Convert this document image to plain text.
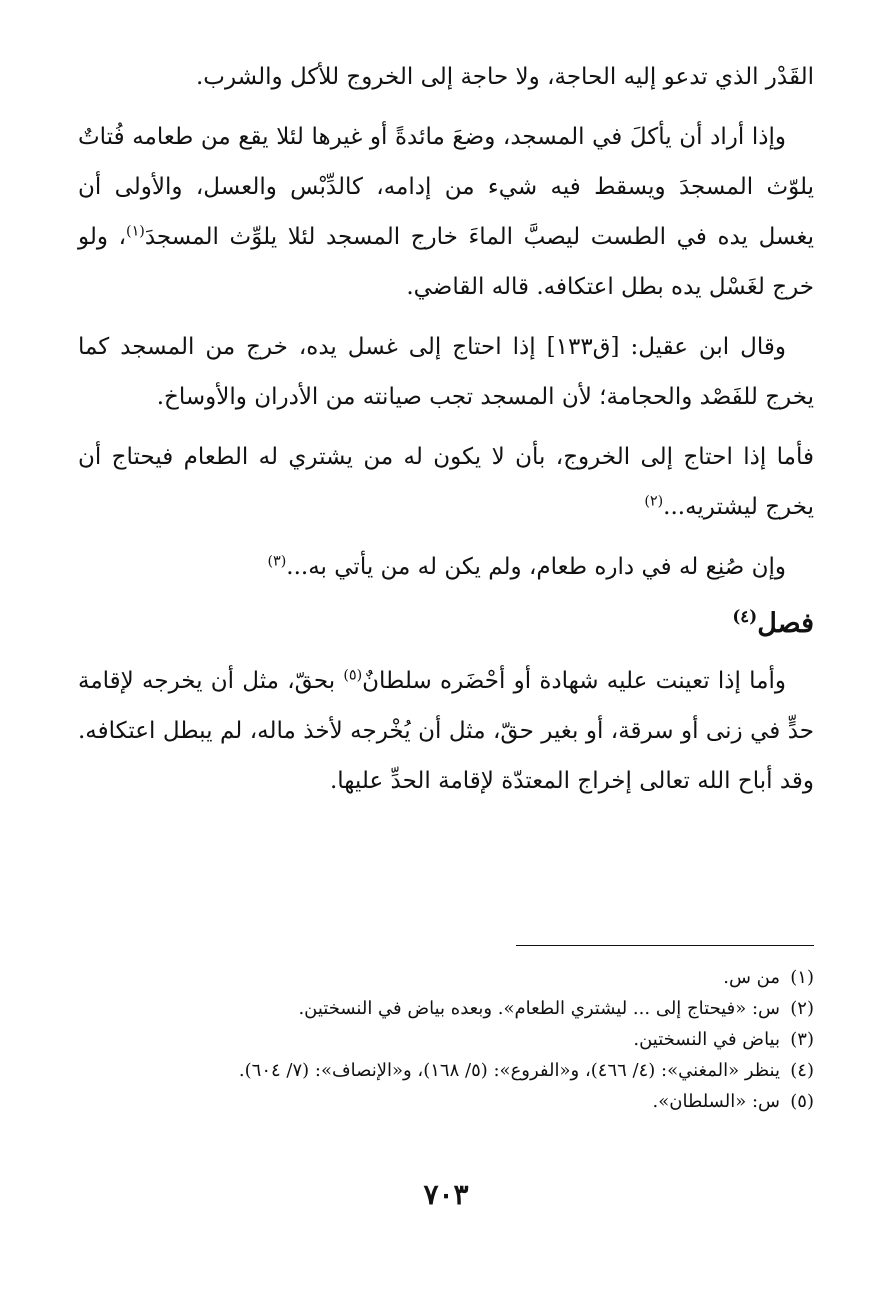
القَدْر الذي تدعو إليه الحاجة، ولا حاجة إلى الخروج للأكل والشرب.

وإذا أراد أن يأكلَ في المسجد، وضعَ مائدةً أو غيرها لئلا يقع من طعامه فُتاتٌ يلوّث المسجدَ ويسقط فيه شيء من إدامه، كالدِّبْس والعسل، والأولى أن يغسل يده في الطست ليصبَّ الماءَ خارج المسجد لئلا يلوِّث المسجدَ$^{(١)}$، ولو خرج لغَسْل يده بطل اعتكافه. قاله القاضي.

وقال ابن عقيل: [ق١٣٣] إذا احتاج إلى غسل يده، خرج من المسجد كما يخرج للفَصْد والحجامة؛ لأن المسجد تجب صيانته من الأدران والأوساخ.

فأما إذا احتاج إلى الخروج، بأن لا يكون له من يشتري له الطعام فيحتاج أن يخرج ليشتريه...$^{(٢)}$

وإن صُنِع له في داره طعام، ولم يكن له من يأتي به...$^{(٣)}$

فصل$^{(٤)}$

وأما إذا تعينت عليه شهادة أو أحْضَره سلطانٌ$^{(٥)}$ بحقّ، مثل أن يخرجه لإقامة حدٍّ في زنى أو سرقة، أو بغير حقّ، مثل أن يُخْرجه لأخذ ماله، لم يبطل اعتكافه. وقد أباح الله تعالى إخراج المعتدّة لإقامة الحدِّ عليها.

(١)
من س.
(٢)
س: «فيحتاج إلى ... ليشتري الطعام». وبعده بياض في النسختين.
(٣)
بياض في النسختين.
(٤)
ينظر «المغني»: (٤/ ٤٦٦)، و«الفروع»: (٥/ ١٦٨)، و«الإنصاف»: (٧/ ٦٠٤).
(٥)
س: «السلطان».
٧٠٣
